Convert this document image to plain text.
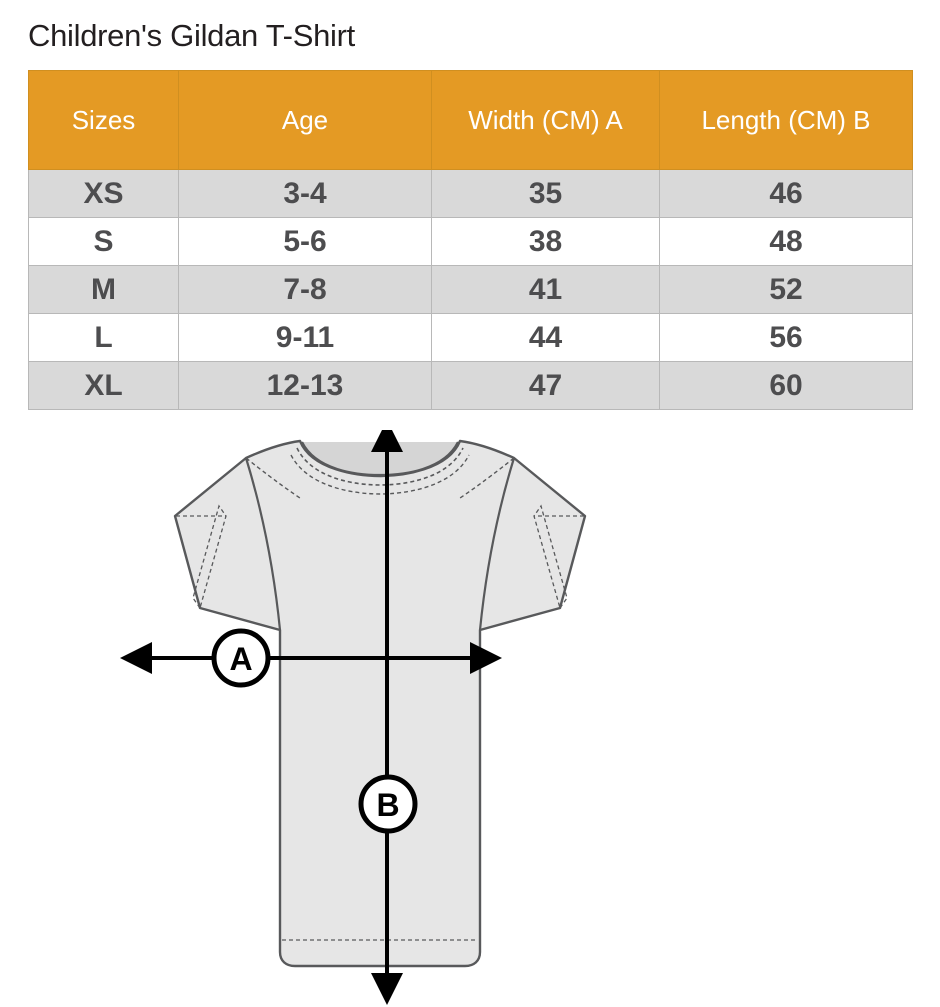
Children's Gildan T-Shirt
Sizes	Age	Width (CM) A	Length (CM) B
XS	3-4	35	46
S	5-6	38	48
M	7-8	41	52
L	9-11	44	56
XL	12-13	47	60
A
B
